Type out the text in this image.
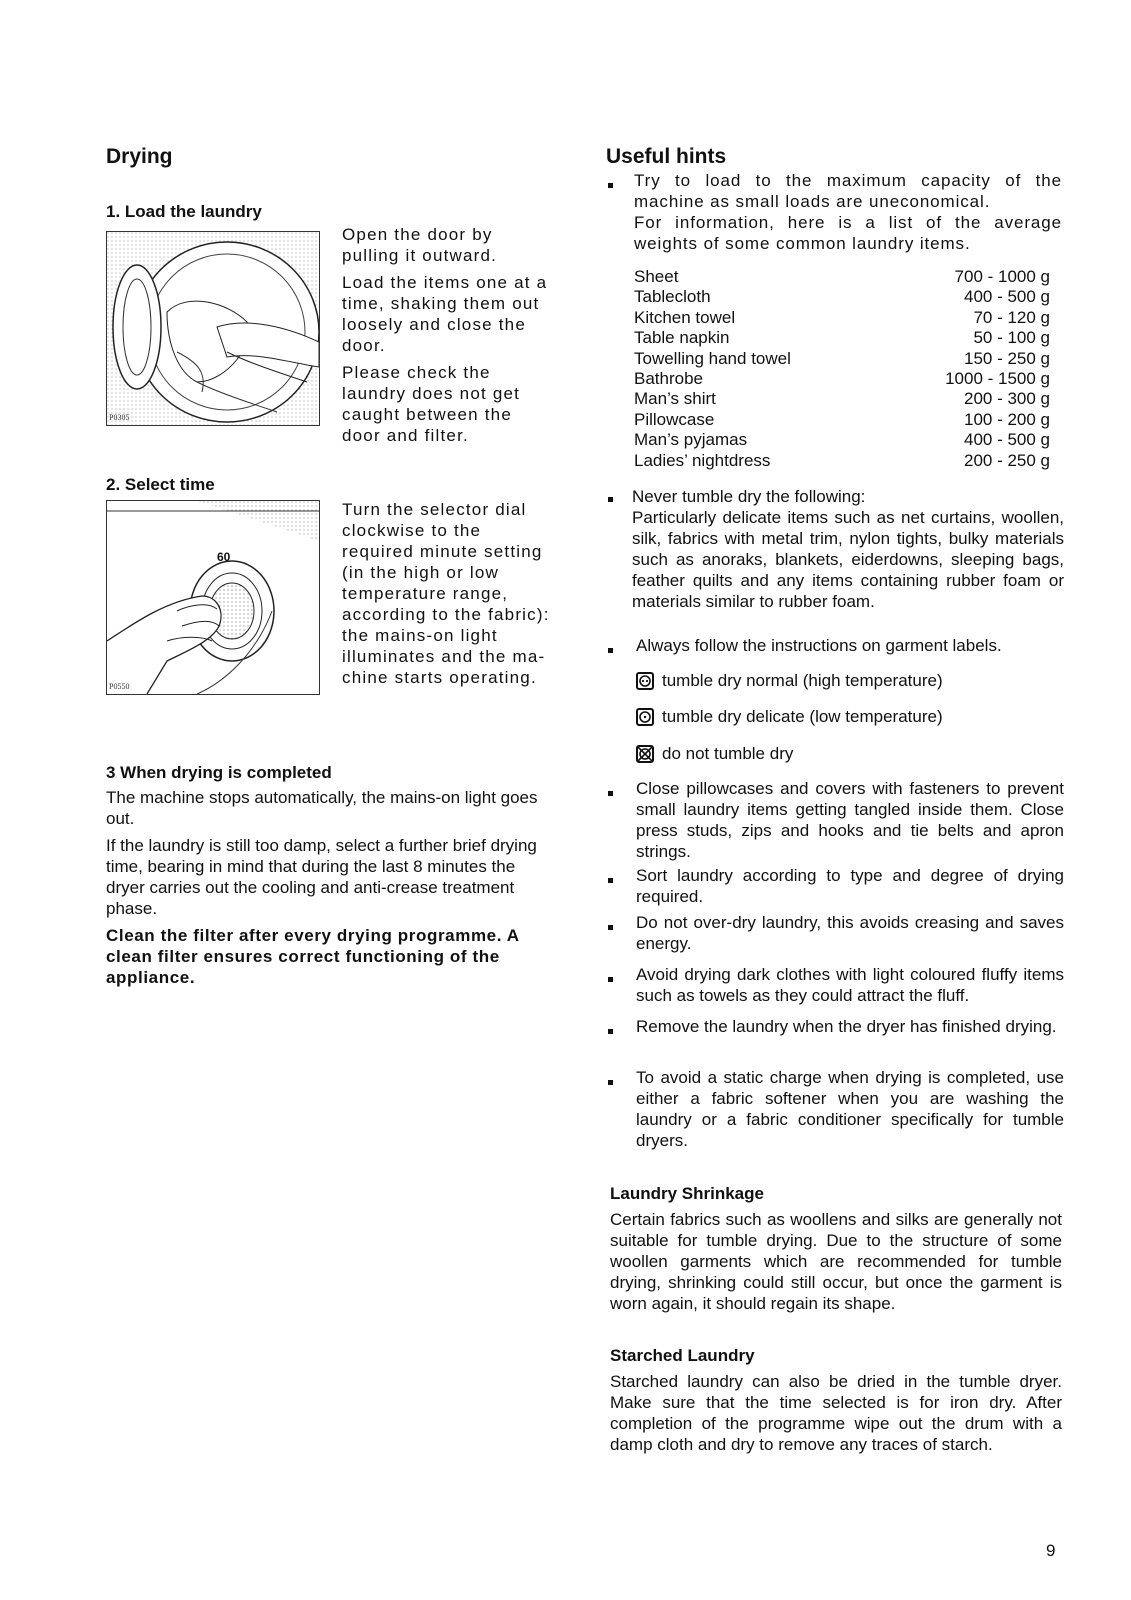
Drying
1. Load the laundry
P0305

Open the door by pulling it outward.

Load the items one at a time, shaking them out loosely and close the door.

Please check the laundry does not get caught between the door and filter.

2. Select time
60
P0550

Turn the selector dial clockwise to the required minute setting (in the high or low temperature range, according to the fabric): the mains-on light illuminates and the ma- chine starts operating.

3 When drying is completed

The machine stops automatically, the mains-on light goes out.

If the laundry is still too damp, select a further brief drying time, bearing in mind that during the last 8 minutes the dryer carries out the cooling and anti-crease treatment phase.

Clean the filter after every drying programme. A clean filter ensures correct functioning of the appliance.

Useful hints

Try to load to the maximum capacity of the machine as small loads are uneconomical.

For information, here is a list of the average weights of some common laundry items.

Sheet	700 - 1000 g
Tablecloth	400 - 500 g
Kitchen towel	70 - 120 g
Table napkin	50 - 100 g
Towelling hand towel	150 - 250 g
Bathrobe	1000 - 1500 g
Man’s shirt	200 - 300 g
Pillowcase	100 - 200 g
Man’s pyjamas	400 - 500 g
Ladies’ nightdress	200 - 250 g

Never tumble dry the following:

Particularly delicate items such as net curtains, woollen, silk, fabrics with metal trim, nylon tights, bulky materials such as anoraks, blankets, eiderdowns, sleeping bags, feather quilts and any items containing rubber foam or materials similar to rubber foam.

Always follow the instructions on garment labels.
tumble dry normal (high temperature)
tumble dry delicate (low temperature)
do not tumble dry
Close pillowcases and covers with fasteners to prevent small laundry items getting tangled inside them. Close press studs, zips and hooks and tie belts and apron strings.
Sort laundry according to type and degree of drying required.
Do not over-dry laundry, this avoids creasing and saves energy.
Avoid drying dark clothes with light coloured fluffy items such as towels as they could attract the fluff.
Remove the laundry when the dryer has finished drying.
To avoid a static charge when drying is completed, use either a fabric softener when you are washing the laundry or a fabric conditioner specifically for tumble dryers.
Laundry Shrinkage
Certain fabrics such as woollens and silks are generally not suitable for tumble drying. Due to the structure of some woollen garments which are recommended for tumble drying, shrinking could still occur, but once the garment is worn again, it should regain its shape.
Starched Laundry
Starched laundry can also be dried in the tumble dryer. Make sure that the time selected is for iron dry. After completion of the programme wipe out the drum with a damp cloth and dry to remove any traces of starch.
9
